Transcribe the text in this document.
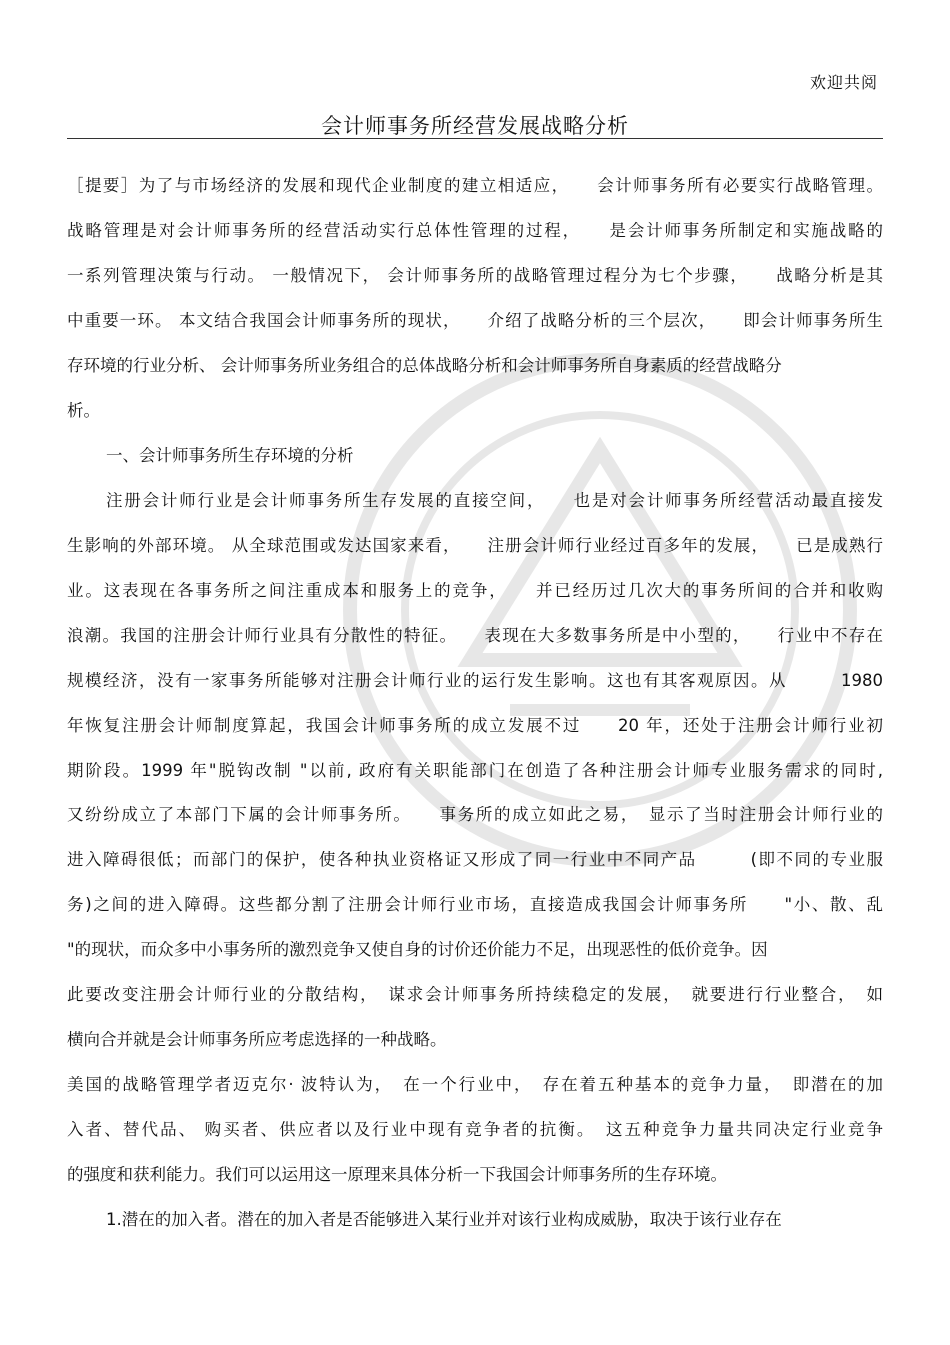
欢迎共阅
会计师事务所经营发展战略分析
［提要］为了与市场经济的发展和现代企业制度的建立相适应，　　会计师事务所有必要实行战略管理。
战略管理是对会计师事务所的经营活动实行总体性管理的过程，　　是会计师事务所制定和实施战略的
一系列管理决策与行动。 一般情况下， 会计师事务所的战略管理过程分为七个步骤，　　战略分析是其
中重要一环。 本文结合我国会计师事务所的现状，　　介绍了战略分析的三个层次，　　即会计师事务所生
存环境的行业分析、 会计师事务所业务组合的总体战略分析和会计师事务所自身素质的经营战略分
析。
一、会计师事务所生存环境的分析
注册会计师行业是会计师事务所生存发展的直接空间，　　也是对会计师事务所经营活动最直接发
生影响的外部环境。 从全球范围或发达国家来看，　　注册会计师行业经过百多年的发展，　　已是成熟行
业。这表现在各事务所之间注重成本和服务上的竞争，　　并已经历过几次大的事务所间的合并和收购
浪潮。我国的注册会计师行业具有分散性的特征。　　表现在大多数事务所是中小型的，　　行业中不存在
规模经济，没有一家事务所能够对注册会计师行业的运行发生影响。这也有其客观原因。从　　　1980
年恢复注册会计师制度算起，我国会计师事务所的成立发展不过　　20 年，还处于注册会计师行业初
期阶段。1999 年"脱钩改制 "以前, 政府有关职能部门在创造了各种注册会计师专业服务需求的同时,
又纷纷成立了本部门下属的会计师事务所。　　事务所的成立如此之易，　显示了当时注册会计师行业的
进入障碍很低；而部门的保护，使各种执业资格证又形成了同一行业中不同产品　　　(即不同的专业服
务)之间的进入障碍。这些都分割了注册会计师行业市场，直接造成我国会计师事务所　　"小、散、乱
"的现状，而众多中小事务所的激烈竞争又使自身的讨价还价能力不足，出现恶性的低价竞争。因
此要改变注册会计师行业的分散结构，　谋求会计师事务所持续稳定的发展，　就要进行行业整合，　如
横向合并就是会计师事务所应考虑选择的一种战略。
美国的战略管理学者迈克尔· 波特认为，　在一个行业中，　存在着五种基本的竞争力量，　即潜在的加
入者、替代品、 购买者、供应者以及行业中现有竞争者的抗衡。　这五种竞争力量共同决定行业竞争
的强度和获利能力。我们可以运用这一原理来具体分析一下我国会计师事务所的生存环境。
1.潜在的加入者。潜在的加入者是否能够进入某行业并对该行业构成威胁，取决于该行业存在
